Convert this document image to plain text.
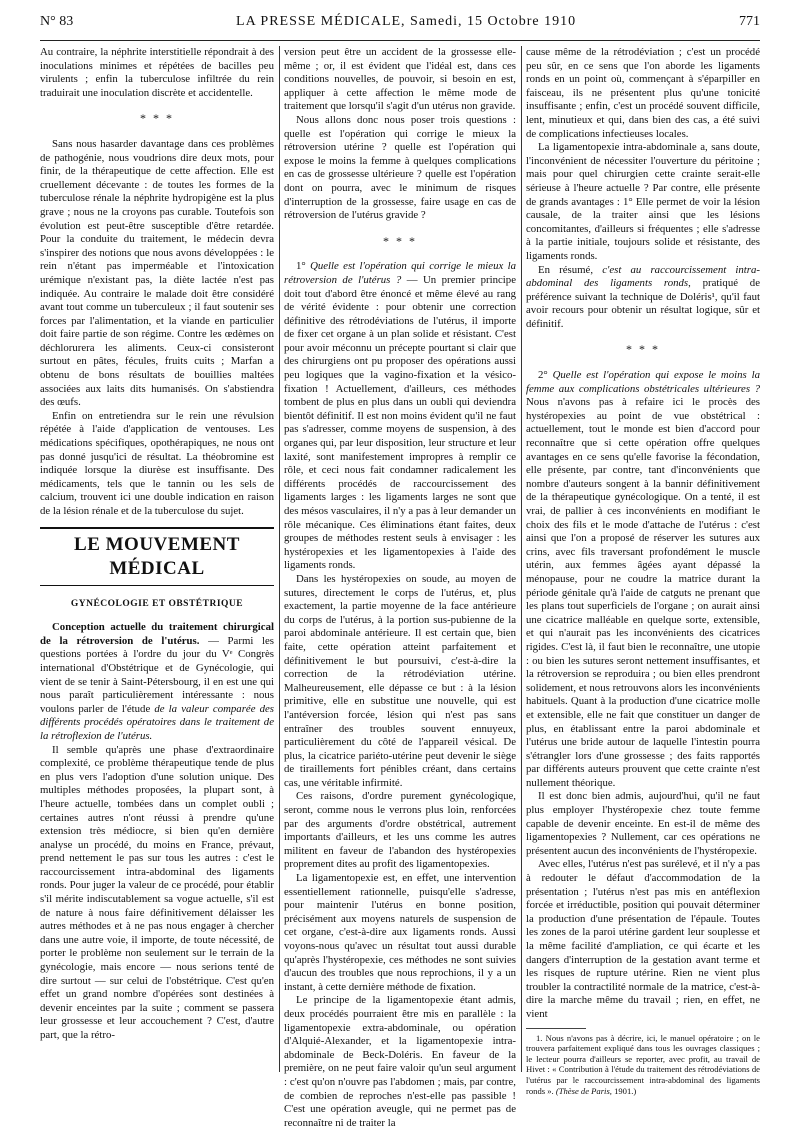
N° 83	LA PRESSE MÉDICALE, Samedi, 15 Octobre 1910	771

Au contraire, la néphrite interstitielle répondrait à des inoculations minimes et répétées de bacilles peu virulents ; enfin la tuberculose infiltrée du rein traduirait une inoculation discrète et accidentelle.

* * *

Sans nous hasarder davantage dans ces problèmes de pathogénie, nous voudrions dire deux mots, pour finir, de la thérapeutique de cette affection. Elle est cruellement décevante : de toutes les formes de la tuberculose rénale la néphrite hydropigène est la plus grave ; nous ne la croyons pas curable. Toutefois son évolution est peut-être susceptible d'être retardée. Pour la conduite du traitement, le médecin devra s'inspirer des notions que nous avons développées : le rein n'étant pas imperméable et l'intoxication urémique n'existant pas, la diète lactée n'est pas indiquée. Au contraire le malade doit être considéré avant tout comme un tuberculeux ; il faut soutenir ses forces par l'alimentation, et la viande en particulier doit faire partie de son régime. Contre les œdèmes on déchlorurera les aliments. Ceux-ci consisteront surtout en pâtes, fécules, fruits cuits ; Marfan a obtenu de bons résultats de bouillies maltées associées aux laits dits humanisés. On s'abstiendra des œufs.

Enfin on entretiendra sur le rein une révulsion répétée à l'aide d'application de ventouses. Les médications spécifiques, opothérapiques, ne nous ont pas donné jusqu'ici de résultat. La théobromine est indiquée lorsque la diurèse est insuffisante. Des médicaments, tels que le tannin ou les sels de calcium, trouvent ici une double indication en raison de la lésion rénale et de la tuberculose du sujet.

LE MOUVEMENT MÉDICAL
GYNÉCOLOGIE ET OBSTÉTRIQUE

Conception actuelle du traitement chirurgical de la rétroversion de l'utérus. — Parmi les questions portées à l'ordre du jour du Vᵉ Congrès international d'Obstétrique et de Gynécologie, qui vient de se tenir à Saint-Pétersbourg, il en est une qui nous paraît particulièrement intéressante : nous voulons parler de l'étude de la valeur comparée des différents procédés opératoires dans le traitement de la rétroflexion de l'utérus.

Il semble qu'après une phase d'extraordinaire complexité, ce problème thérapeutique tende de plus en plus vers l'adoption d'une solution unique. Des multiples méthodes proposées, la plupart sont, à l'heure actuelle, tombées dans un complet oubli ; certaines autres n'ont réussi à prendre qu'une extension très médiocre, si bien qu'en dernière analyse un procédé, du moins en France, prévaut, prend nettement le pas sur tous les autres : c'est le raccourcissement intra-abdominal des ligaments ronds. Pour juger la valeur de ce procédé, pour établir s'il mérite indiscutablement sa vogue actuelle, s'il est de nature à nous faire définitivement délaisser les autres méthodes et à ne pas nous engager à chercher dans une autre voie, il importe, de toute nécessité, de porter le problème non seulement sur le terrain de la gynécologie, mais encore — nous serions tenté de dire surtout — sur celui de l'obstétrique. C'est qu'en effet un grand nombre d'opérées sont destinées à devenir enceintes par la suite ; comment se passera leur grossesse et leur accouchement ? C'est, d'autre part, que la rétro-

version peut être un accident de la grossesse elle-même ; or, il est évident que l'idéal est, dans ces conditions nouvelles, de pouvoir, si besoin en est, appliquer à cette affection le même mode de traitement que lorsqu'il s'agit d'un utérus non gravide.

Nous allons donc nous poser trois questions : quelle est l'opération qui corrige le mieux la rétroversion utérine ? quelle est l'opération qui expose le moins la femme à quelques complications en cas de grossesse ultérieure ? quelle est l'opération dont on pourra, avec le minimum de risques d'interruption de la grossesse, faire usage en cas de rétroversion de l'utérus gravide ?

* * *

1° Quelle est l'opération qui corrige le mieux la rétroversion de l'utérus ? — Un premier principe doit tout d'abord être énoncé et même élevé au rang de vérité évidente : pour obtenir une correction définitive des rétrodéviations de l'utérus, il importe de fixer cet organe à un plan solide et résistant. C'est pour avoir méconnu un précepte pourtant si clair que des chirurgiens ont pu proposer des opérations aussi peu logiques que la vagino-fixation et la vésico-fixation ! Actuellement, d'ailleurs, ces méthodes tombent de plus en plus dans un oubli qui deviendra bientôt définitif. Il est non moins évident qu'il ne faut pas s'adresser, comme moyens de suspension, à des organes qui, par leur disposition, leur structure et leur laxité, sont manifestement impropres à remplir ce rôle, et ceci nous fait condamner radicalement les différents procédés de raccourcissement des ligaments larges : les ligaments larges ne sont que des mésos vasculaires, il n'y a pas à leur demander un rôle mécanique. Ces éliminations étant faites, deux groupes de méthodes restent seuls à envisager : les hystéropexies et les ligamentopexies à l'aide des ligaments ronds.

Dans les hystéropexies on soude, au moyen de sutures, directement le corps de l'utérus, et, plus exactement, la partie moyenne de la face antérieure du corps de l'utérus, à la portion sus-pubienne de la paroi abdominale antérieure. Il est certain que, bien faite, cette opération atteint parfaitement et définitivement le but poursuivi, c'est-à-dire la correction de la rétrodéviation utérine. Malheureusement, elle dépasse ce but : à la lésion primitive, elle en substitue une nouvelle, qui est l'antéversion forcée, lésion qui n'est pas sans entraîner des troubles souvent ennuyeux, particulièrement du côté de l'appareil vésical. De plus, la cicatrice pariéto-utérine peut devenir le siège de tiraillements fort pénibles créant, dans certains cas, une véritable infirmité.

Ces raisons, d'ordre purement gynécologique, seront, comme nous le verrons plus loin, renforcées par des arguments d'ordre obstétrical, autrement importants d'ailleurs, et les uns comme les autres militent en faveur de l'abandon des hystéropexies proprement dites au profit des ligamentopexies.

La ligamentopexie est, en effet, une intervention essentiellement rationnelle, puisqu'elle s'adresse, pour maintenir l'utérus en bonne position, précisément aux moyens naturels de suspension de cet organe, c'est-à-dire aux ligaments ronds. Aussi voyons-nous qu'avec un résultat tout aussi durable qu'après l'hystéropexie, ces méthodes ne sont suivies d'aucun des troubles que nous reprochions, il y a un instant, à cette dernière méthode de fixation.

Le principe de la ligamentopexie étant admis, deux procédés pourraient être mis en parallèle : la ligamentopexie extra-abdominale, ou opération d'Alquié-Alexander, et la ligamentopexie intra-abdominale de Beck-Doléris. En faveur de la première, on ne peut faire valoir qu'un seul argument : c'est qu'on n'ouvre pas l'abdomen ; mais, par contre, de combien de reproches n'est-elle pas passible ! C'est une opération aveugle, qui ne permet pas de reconnaître ni de traiter la

cause même de la rétrodéviation ; c'est un procédé peu sûr, en ce sens que l'on aborde les ligaments ronds en un point où, commençant à s'éparpiller en faisceau, ils ne présentent plus qu'une tonicité insuffisante ; enfin, c'est un procédé souvent difficile, lent, minutieux et qui, dans bien des cas, a été suivi de complications infectieuses locales.

La ligamentopexie intra-abdominale a, sans doute, l'inconvénient de nécessiter l'ouverture du péritoine ; mais pour quel chirurgien cette crainte serait-elle sérieuse à l'heure actuelle ? Par contre, elle présente de grands avantages : 1° Elle permet de voir la lésion causale, de la traiter ainsi que les lésions concomitantes, d'ailleurs si fréquentes ; elle s'adresse à la partie initiale, toujours solide et résistante, des ligaments ronds.

En résumé, c'est au raccourcissement intra-abdominal des ligaments ronds, pratiqué de préférence suivant la technique de Doléris¹, qu'il faut avoir recours pour obtenir un résultat logique, sûr et définitif.

* * *

2° Quelle est l'opération qui expose le moins la femme aux complications obstétricales ultérieures ? Nous n'avons pas à refaire ici le procès des hystéropexies au point de vue obstétrical : actuellement, tout le monde est bien d'accord pour reconnaître que si cette opération offre quelques avantages en ce sens qu'elle favorise la fécondation, elle présente, par contre, tant d'inconvénients que nombre d'auteurs songent à la bannir définitivement de la thérapeutique gynécologique. On a tenté, il est vrai, de pallier à ces inconvénients en modifiant le choix des fils et le mode d'attache de l'utérus : c'est ainsi que l'on a proposé de réserver les sutures aux crins, avec fils traversant profondément le muscle utérin, aux femmes âgées ayant dépassé la ménopause, pour ne coudre la matrice durant la période génitale qu'à l'aide de catguts ne prenant que les plans tout superficiels de l'organe ; on aurait ainsi une cicatrice malléable en quelque sorte, extensible, et qui n'aurait pas les inconvénients des cicatrices rigides. C'est là, il faut bien le reconnaître, une utopie : ou bien les sutures seront nettement insuffisantes, et la rétroversion se reproduira ; ou bien elles prendront solidement, et nous retrouvons alors les inconvénients habituels. Quant à la production d'une cicatrice molle et extensible, elle ne fait que constituer un danger de plus, en établissant entre la paroi abdominale et l'utérus une bride autour de laquelle l'intestin pourra s'étrangler lors d'une grossesse ; des faits rapportés par différents auteurs prouvent que cette crainte n'est nullement théorique.

Il est donc bien admis, aujourd'hui, qu'il ne faut plus employer l'hystéropexie chez toute femme capable de devenir enceinte. En est-il de même des ligamentopexies ? Nullement, car ces opérations ne présentent aucun des inconvénients de l'hystéropexie.

Avec elles, l'utérus n'est pas surélevé, et il n'y a pas à redouter le défaut d'accommodation de la présentation ; l'utérus n'est pas mis en antéflexion forcée et irréductible, position qui pouvait déterminer la production d'une présentation de l'épaule. Toutes les zones de la paroi utérine gardent leur souplesse et la même facilité d'ampliation, ce qui écarte et les dangers d'interruption de la gestation avant terme et les risques de rupture utérine. Rien ne vient plus troubler la contractilité normale de la matrice, c'est-à-dire la marche même du travail ; rien, en effet, ne vient

1. Nous n'avons pas à décrire, ici, le manuel opératoire ; on le trouvera parfaitement expliqué dans tous les ouvrages classiques ; le lecteur pourra d'ailleurs se reporter, avec profit, au travail de Hivet : « Contribution à l'étude du traitement des rétrodéviations de l'utérus par le raccourcissement intra-abdominal des ligaments ronds ». (Thèse de Paris, 1901.)
